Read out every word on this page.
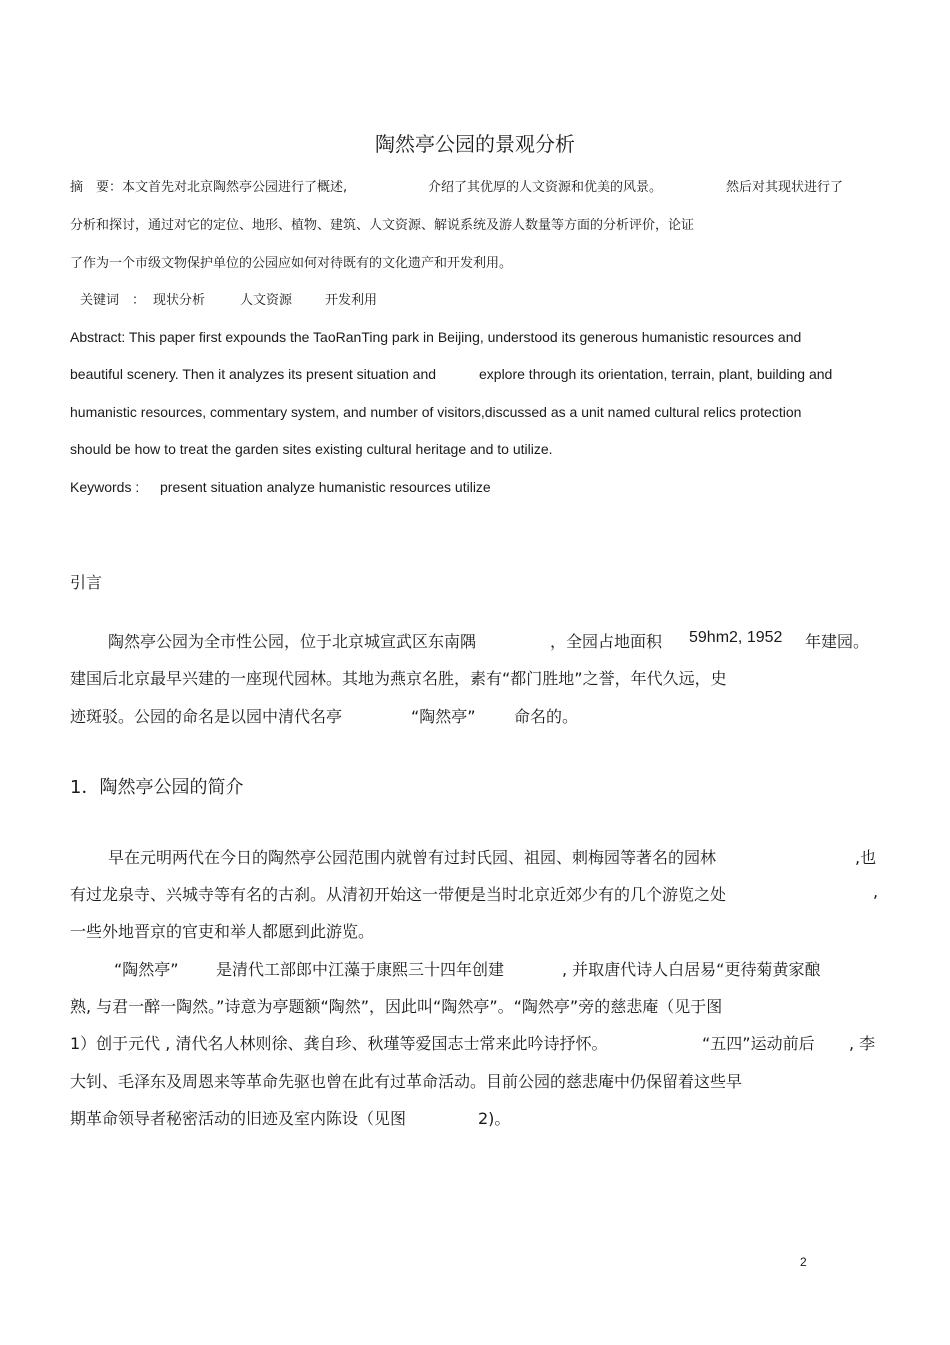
陶然亭公园的景观分析
摘　要：本文首先对北京陶然亭公园进行了概述,	介绍了其优厚的人文资源和优美的风景。	然后对其现状进行了
分析和探讨，通过对它的定位、地形、植物、建筑、人文资源、解说系统及游人数量等方面的分析评价，论证
了作为一个市级文物保护单位的公园应如何对待既有的文化遗产和开发利用。
关键词　： 现状分析	人文资源	开发利用
Abstract: This paper first expounds the TaoRanTing park in Beijing, understood its generous humanistic resources and
beautiful scenery. Then it analyzes its present situation and	explore through its orientation, terrain, plant, building and
humanistic resources, commentary system, and number of visitors,discussed as a unit named cultural relics protection
should be how to treat the garden sites existing cultural heritage and to utilize.
Keywords : present situation analyze humanistic resources utilize
引言
陶然亭公园为全市性公园，位于北京城宣武区东南隅	，全园占地面积 59hm2, 1952 年建园。
建国后北京最早兴建的一座现代园林。其地为燕京名胜，素有“都门胜地”之誉，年代久远，史
迹斑驳。公园的命名是以园中清代名亭	“陶然亭” 命名的。
1．陶然亭公园的简介
早在元明两代在今日的陶然亭公园范围内就曾有过封氏园、祖园、刺梅园等著名的园林	,也
有过龙泉寺、兴城寺等有名的古刹。从清初开始这一带便是当时北京近郊少有的几个游览之处	,
一些外地晋京的官吏和举人都愿到此游览。
“陶然亭” 是清代工部郎中江藻于康熙三十四年创建	, 并取唐代诗人白居易“更待菊黄家酿
熟, 与君一醉一陶然。”诗意为亭题额“陶然”，因此叫“陶然亭”。“陶然亭”旁的慈悲庵（见于图
1）创于元代 , 清代名人林则徐、龚自珍、秋瑾等爱国志士常来此吟诗抒怀。	“五四”运动前后 , 李
大钊、毛泽东及周恩来等革命先驱也曾在此有过革命活动。目前公园的慈悲庵中仍保留着这些早
期革命领导者秘密活动的旧迹及室内陈设（见图	2)。
2
